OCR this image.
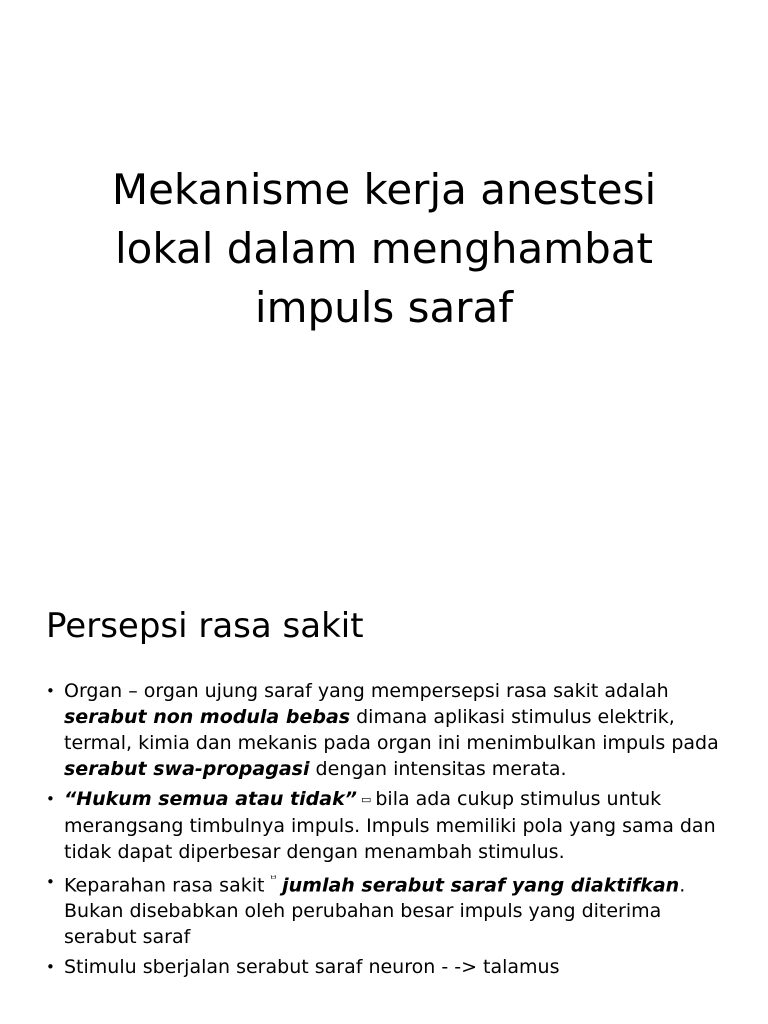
Mekanisme kerja anestesi
lokal dalam menghambat
impuls saraf
Persepsi rasa sakit
• Organ – organ ujung saraf yang mempersepsi rasa sakit adalah serabut non modula bebas dimana aplikasi stimulus elektrik, termal, kimia dan mekanis pada organ ini menimbulkan impuls pada serabut swa-propagasi dengan intensitas merata.
• “Hukum semua atau tidak” ▭ bila ada cukup stimulus untuk merangsang timbulnya impuls. Impuls memiliki pola yang sama dan tidak dapat diperbesar dengan menambah stimulus.
• Keparahan rasa sakit $^ᄇ$ jumlah serabut saraf yang diaktifkan. Bukan disebabkan oleh perubahan besar impuls yang diterima serabut saraf
• Stimulu sberjalan serabut saraf neuron - -> talamus
